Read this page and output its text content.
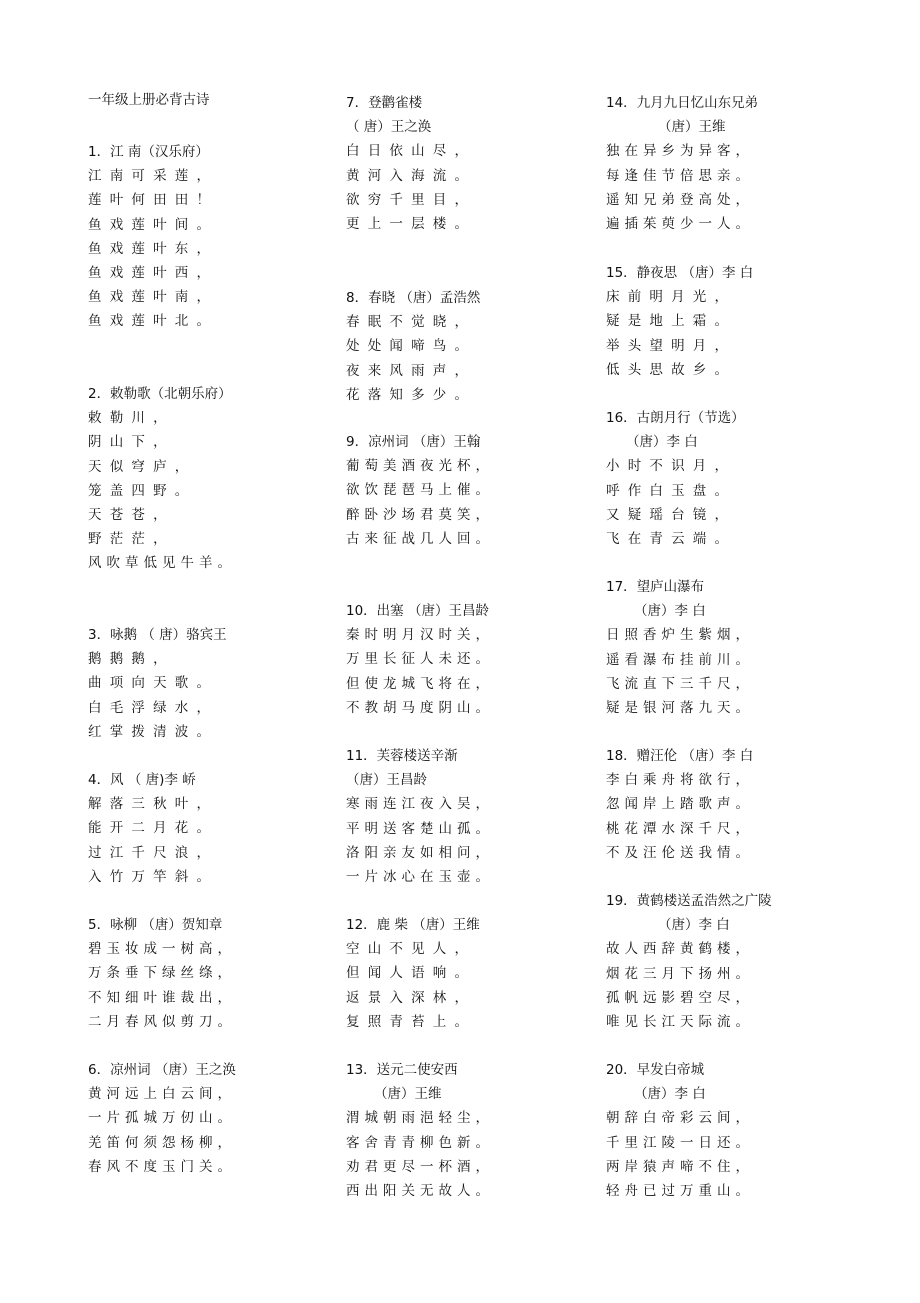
一年级上册必背古诗
1．江 南（汉乐府）
江南可采莲，
莲叶何田田！
鱼戏莲叶间。
鱼戏莲叶东，
鱼戏莲叶西，
鱼戏莲叶南，
鱼戏莲叶北。
2．敕勒歌（北朝乐府）
敕勒川，
阴山下，
天似穹庐，
笼盖四野。
天苍苍，
野茫茫，
风吹草低见牛羊。
3．咏鹅 （ 唐）骆宾王
鹅鹅鹅，
曲项向天歌。
白毛浮绿水，
红掌拨清波。
4．风 （ 唐)李 峤
解落三秋叶，
能开二月花。
过江千尺浪，
入竹万竿斜。
5．咏柳 （唐）贺知章
碧玉妆成一树高，
万条垂下绿丝绦，
不知细叶谁裁出，
二月春风似剪刀。
6．凉州词 （唐）王之涣
黄河远上白云间，
一片孤城万仞山。
羌笛何须怨杨柳，
春风不度玉门关。
7．登鹳雀楼
（ 唐）王之涣
白日依山尽，
黄河入海流。
欲穷千里目，
更上一层楼。
8．春晓 （唐）孟浩然
春眠不觉晓，
处处闻啼鸟。
夜来风雨声，
花落知多少。
9．凉州词 （唐）王翰
葡萄美酒夜光杯，
欲饮琵琶马上催。
醉卧沙场君莫笑，
古来征战几人回。
10．出塞 （唐）王昌龄
秦时明月汉时关，
万里长征人未还。
但使龙城飞将在，
不教胡马度阴山。
11．芙蓉楼送辛渐
（唐）王昌龄
寒雨连江夜入吴，
平明送客楚山孤。
洛阳亲友如相问，
一片冰心在玉壶。
12．鹿 柴 （唐）王维
空山不见人，
但闻人语响。
返景入深林，
复照青苔上。
13．送元二使安西
（唐）王维
渭城朝雨浥轻尘，
客舍青青柳色新。
劝君更尽一杯酒，
西出阳关无故人。
14．九月九日忆山东兄弟
（唐）王维
独在异乡为异客，
每逢佳节倍思亲。
遥知兄弟登高处，
遍插茱萸少一人。
15．静夜思 （唐）李 白
床前明月光，
疑是地上霜。
举头望明月，
低头思故乡。
16．古朗月行（节选）
（唐）李 白
小时不识月，
呼作白玉盘。
又疑瑶台镜，
飞在青云端。
17．望庐山瀑布
（唐）李 白
日照香炉生紫烟，
遥看瀑布挂前川。
飞流直下三千尺，
疑是银河落九天。
18．赠汪伦 （唐）李 白
李白乘舟将欲行，
忽闻岸上踏歌声。
桃花潭水深千尺，
不及汪伦送我情。
19．黄鹤楼送孟浩然之广陵
（唐）李 白
故人西辞黄鹤楼，
烟花三月下扬州。
孤帆远影碧空尽，
唯见长江天际流。
20．早发白帝城
（唐）李 白
朝辞白帝彩云间，
千里江陵一日还。
两岸猿声啼不住，
轻舟已过万重山。
